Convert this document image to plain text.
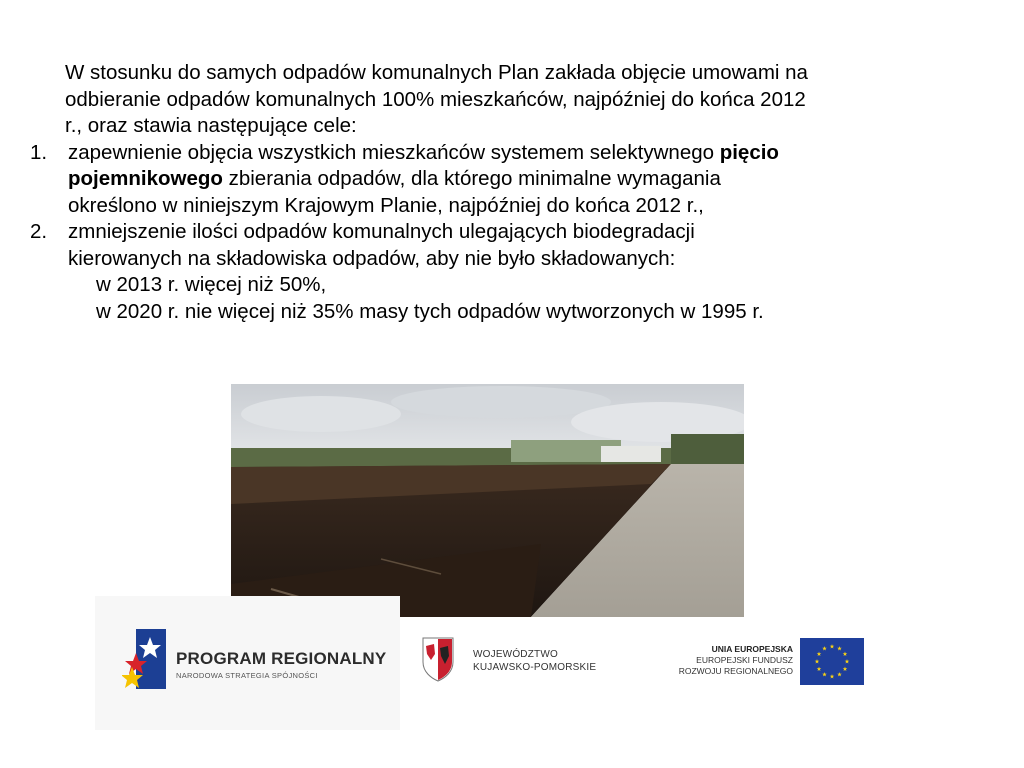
W stosunku do samych odpadów komunalnych Plan zakłada objęcie umowami na
odbieranie odpadów komunalnych 100% mieszkańców, najpóźniej do końca 2012
r., oraz stawia następujące cele:

1. zapewnienie objęcia wszystkich mieszkańców systemem selektywnego pięcio
pojemnikowego zbierania odpadów, dla którego minimalne wymagania
określono w niniejszym Krajowym Planie, najpóźniej do końca 2012 r.,
2. zmniejszenie ilości odpadów komunalnych ulegających biodegradacji
kierowanych na składowiska odpadów, aby nie było składowanych:
w 2013 r. więcej niż 50%,
w 2020 r. nie więcej niż 35% masy tych odpadów wytworzonych w 1995 r.
PROGRAM REGIONALNY
NARODOWA STRATEGIA SPÓJNOŚCI
WOJEWÓDZTWO
KUJAWSKO-POMORSKIE
UNIA EUROPEJSKA
EUROPEJSKI FUNDUSZ
ROZWOJU REGIONALNEGO
